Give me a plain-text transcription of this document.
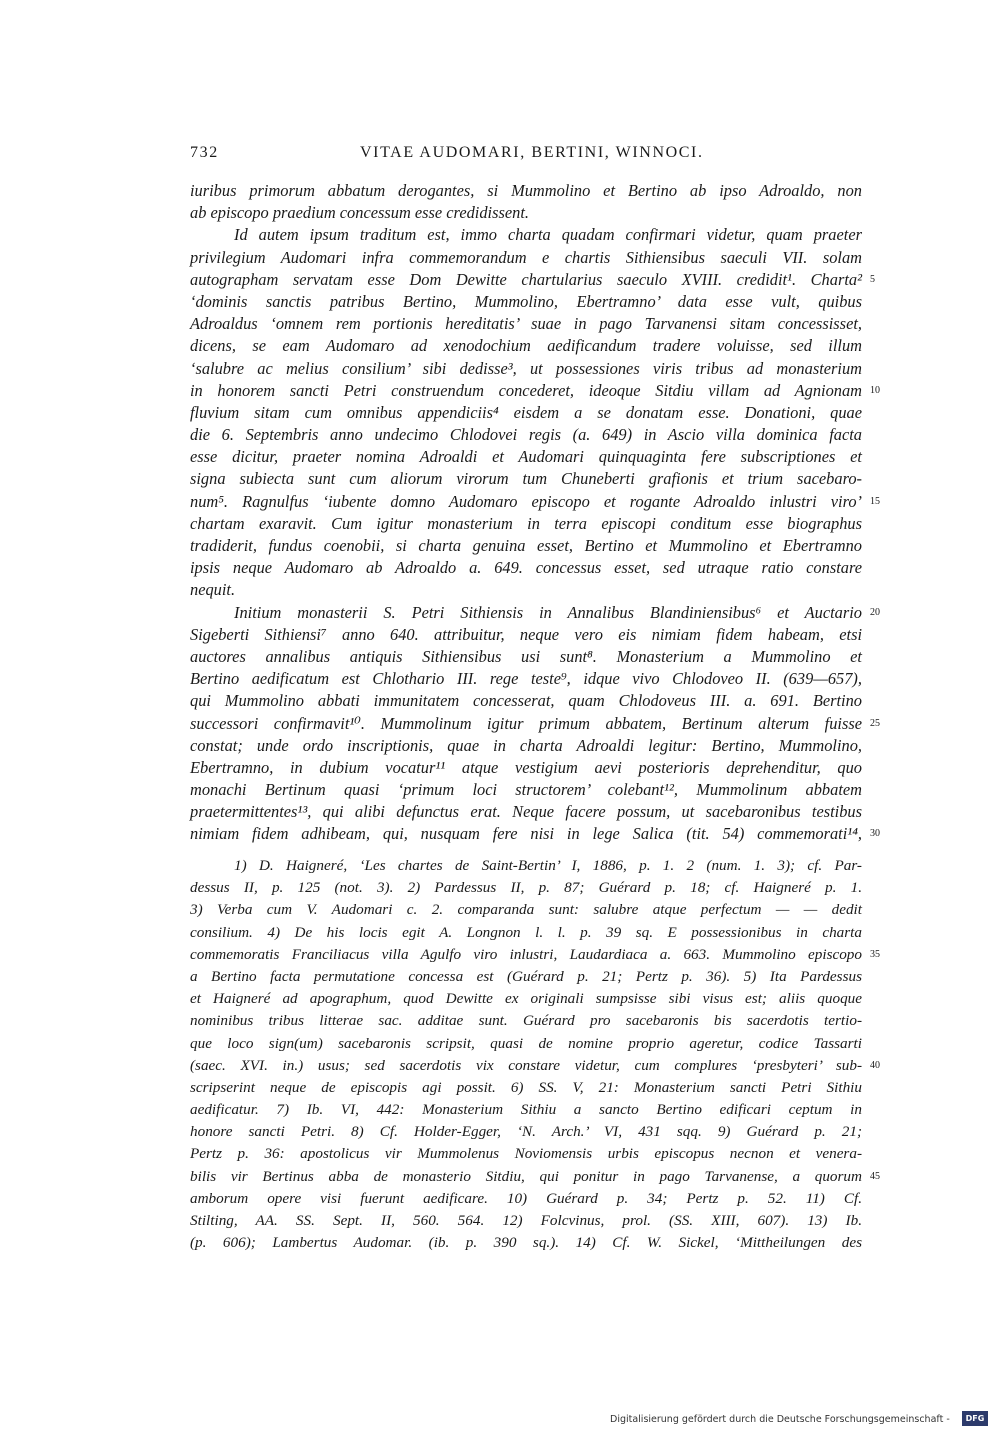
732	VITAE AUDOMARI, BERTINI, WINNOCI.
iuribus primorum abbatum derogantes, si Mummolino et Bertino ab ipso Adroaldo, non
ab episcopo praedium concessum esse credidissent.
Id autem ipsum traditum est, immo charta quadam confirmari videtur, quam praeter
privilegium Audomari infra commemorandum e chartis Sithiensibus saeculi VII. solam
autographam servatam esse Dom Dewitte chartularius saeculo XVIII. credidit¹. Charta² 5
‘dominis sanctis patribus Bertino, Mummolino, Ebertramno’ data esse vult, quibus
Adroaldus ‘omnem rem portionis hereditatis’ suae in pago Tarvanensi sitam concessisset,
dicens, se eam Audomaro ad xenodochium aedificandum tradere voluisse, sed illum
‘salubre ac melius consilium’ sibi dedisse³, ut possessiones viris tribus ad monasterium
in honorem sancti Petri construendum concederet, ideoque Sitdiu villam ad Agnionam 10
fluvium sitam cum omnibus appendiciis⁴ eisdem a se donatam esse. Donationi, quae
die 6. Septembris anno undecimo Chlodovei regis (a. 649) in Ascio villa dominica facta
esse dicitur, praeter nomina Adroaldi et Audomari quinquaginta fere subscriptiones et
signa subiecta sunt cum aliorum virorum tum Chuneberti grafionis et trium sacebaro-
num⁵. Ragnulfus ‘iubente domno Audomaro episcopo et rogante Adroaldo inlustri viro’ 15
chartam exaravit. Cum igitur monasterium in terra episcopi conditum esse biographus
tradiderit, fundus coenobii, si charta genuina esset, Bertino et Mummolino et Ebertramno
ipsis neque Audomaro ab Adroaldo a. 649. concessus esset, sed utraque ratio constare
nequit.
Initium monasterii S. Petri Sithiensis in Annalibus Blandiniensibus⁶ et Auctario 20
Sigeberti Sithiensi⁷ anno 640. attribuitur, neque vero eis nimiam fidem habeam, etsi
auctores annalibus antiquis Sithiensibus usi sunt⁸. Monasterium a Mummolino et
Bertino aedificatum est Chlothario III. rege teste⁹, idque vivo Chlodoveo II. (639—657),
qui Mummolino abbati immunitatem concesserat, quam Chlodoveus III. a. 691. Bertino
successori confirmavit¹⁰. Mummolinum igitur primum abbatem, Bertinum alterum fuisse 25
constat; unde ordo inscriptionis, quae in charta Adroaldi legitur: Bertino, Mummolino,
Ebertramno, in dubium vocatur¹¹ atque vestigium aevi posterioris deprehenditur, quo
monachi Bertinum quasi ‘primum loci structorem’ colebant¹², Mummolinum abbatem
praetermittentes¹³, qui alibi defunctus erat. Neque facere possum, ut sacebaronibus testibus
nimiam fidem adhibeam, qui, nusquam fere nisi in lege Salica (tit. 54) commemorati¹⁴, 30
1) D. Haigneré, ‘Les chartes de Saint-Bertin’ I, 1886, p. 1. 2 (num. 1. 3); cf. Par-
dessus II, p. 125 (not. 3). 2) Pardessus II, p. 87; Guérard p. 18; cf. Haigneré p. 1.
3) Verba cum V. Audomari c. 2. comparanda sunt: salubre atque perfectum — — dedit
consilium. 4) De his locis egit A. Longnon l. l. p. 39 sq. E possessionibus in charta
commemoratis Franciliacus villa Agulfo viro inlustri, Laudardiaca a. 663. Mummolino episcopo 35
a Bertino facta permutatione concessa est (Guérard p. 21; Pertz p. 36). 5) Ita Pardessus
et Haigneré ad apographum, quod Dewitte ex originali sumpsisse sibi visus est; aliis quoque
nominibus tribus litterae sac. additae sunt. Guérard pro sacebaronis bis sacerdotis tertio-
que loco sign(um) sacebaronis scripsit, quasi de nomine proprio ageretur, codice Tassarti
(saec. XVI. in.) usus; sed sacerdotis vix constare videtur, cum complures ‘presbyteri’ sub- 40
scripserint neque de episcopis agi possit. 6) SS. V, 21: Monasterium sancti Petri Sithiu
aedificatur. 7) Ib. VI, 442: Monasterium Sithiu a sancto Bertino edificari ceptum in
honore sancti Petri. 8) Cf. Holder-Egger, ‘N. Arch.’ VI, 431 sqq. 9) Guérard p. 21;
Pertz p. 36: apostolicus vir Mummolenus Noviomensis urbis episcopus necnon et venera-
bilis vir Bertinus abba de monasterio Sitdiu, qui ponitur in pago Tarvanense, a quorum 45
amborum opere visi fuerunt aedificare. 10) Guérard p. 34; Pertz p. 52. 11) Cf.
Stilting, AA. SS. Sept. II, 560. 564. 12) Folcvinus, prol. (SS. XIII, 607). 13) Ib.
(p. 606); Lambertus Audomar. (ib. p. 390 sq.). 14) Cf. W. Sickel, ‘Mittheilungen des
Digitalisierung gefördert durch die Deutsche Forschungsgemeinschaft -	DFG
